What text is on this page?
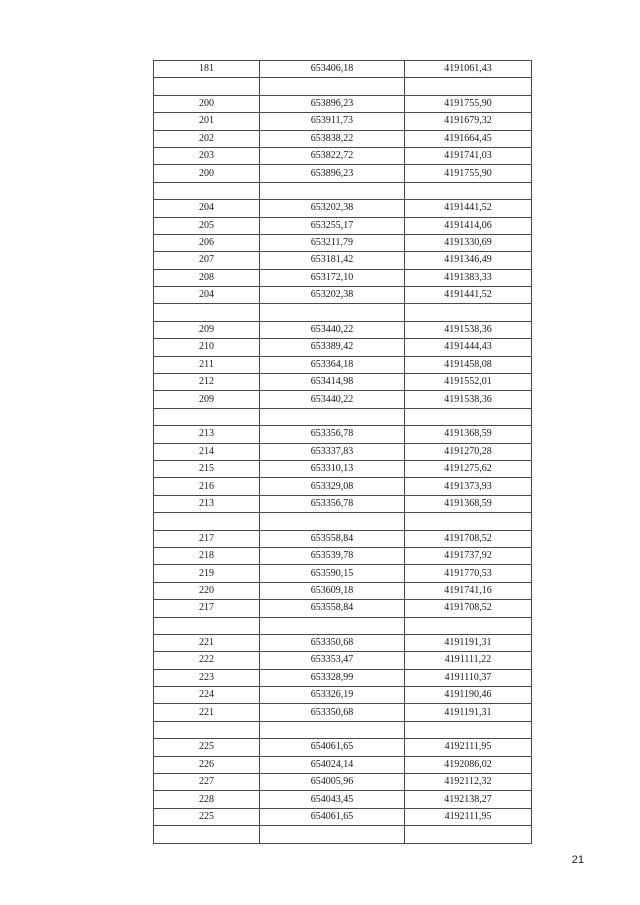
181	653406,18	4191061,43

200	653896,23	4191755,90
201	653911,73	4191679,32
202	653838,22	4191664,45
203	653822,72	4191741,03
200	653896,23	4191755,90

204	653202,38	4191441,52
205	653255,17	4191414,06
206	653211,79	4191330,69
207	653181,42	4191346,49
208	653172,10	4191383,33
204	653202,38	4191441,52

209	653440,22	4191538,36
210	653389,42	4191444,43
211	653364,18	4191458,08
212	653414,98	4191552,01
209	653440,22	4191538,36

213	653356,78	4191368,59
214	653337,83	4191270,28
215	653310,13	4191275,62
216	653329,08	4191373,93
213	653356,78	4191368,59

217	653558,84	4191708,52
218	653539,78	4191737,92
219	653590,15	4191770,53
220	653609,18	4191741,16
217	653558,84	4191708,52

221	653350,68	4191191,31
222	653353,47	4191111,22
223	653328,99	4191110,37
224	653326,19	4191190,46
221	653350,68	4191191,31

225	654061,65	4192111,95
226	654024,14	4192086,02
227	654005,96	4192112,32
228	654043,45	4192138,27
225	654061,65	4192111,95

21
